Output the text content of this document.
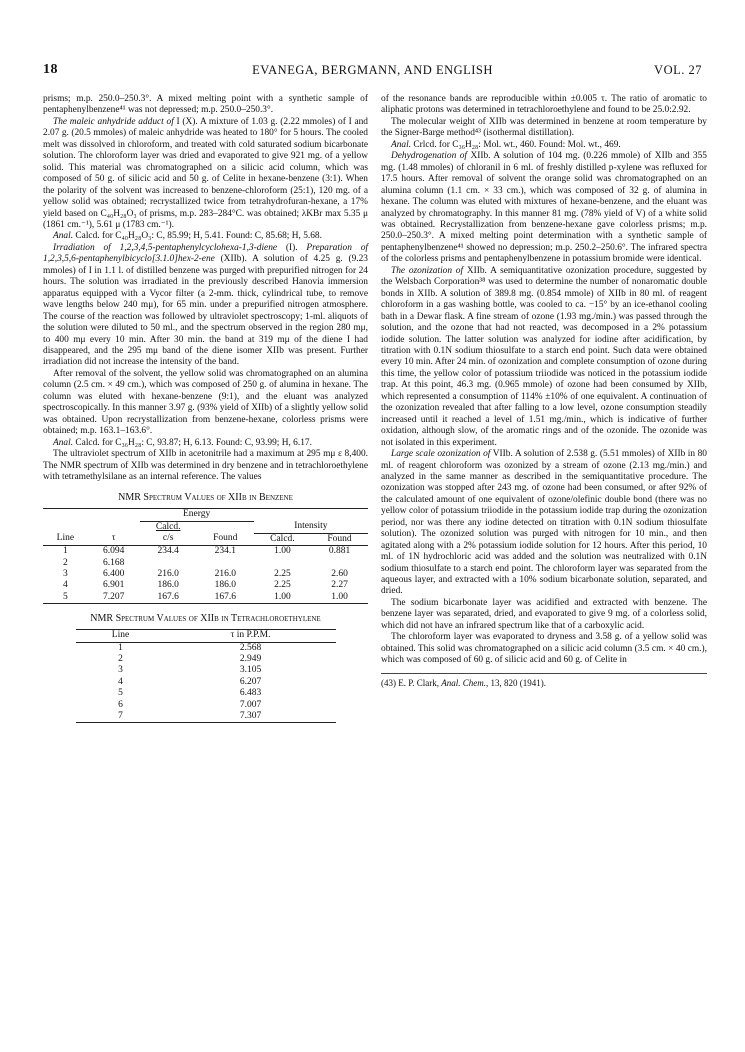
18	EVANEGA, BERGMANN, AND ENGLISH	VOL. 27

prisms; m.p. 250.0–250.3°. A mixed melting point with a synthetic sample of pentaphenylbenzene⁴¹ was not depressed; m.p. 250.0–250.3°.

The maleic anhydride adduct of I (X). A mixture of 1.03 g. (2.22 mmoles) of I and 2.07 g. (20.5 mmoles) of maleic anhydride was heated to 180° for 5 hours. The cooled melt was dissolved in chloroform, and treated with cold saturated sodium bicarbonate solution. The chloroform layer was dried and evaporated to give 921 mg. of a yellow solid. This material was chromatographed on a silicic acid column, which was composed of 50 g. of silicic acid and 50 g. of Celite in hexane-benzene (3:1). When the polarity of the solvent was increased to benzene-chloroform (25:1), 120 mg. of a yellow solid was obtained; recrystallized twice from tetrahydrofuran-hexane, a 17% yield based on C₄₀H₂₈O₃ of prisms, m.p. 283–284°C. was obtained; λKBr max 5.35 μ (1861 cm.⁻¹), 5.61 μ (1783 cm.⁻¹).

Anal. Calcd. for C₄₀H₂₈O₃: C, 85.99; H, 5.41. Found: C, 85.68; H, 5.68.

Irradiation of 1,2,3,4,5-pentaphenylcyclohexa-1,3-diene (I). Preparation of 1,2,3,5,6-pentaphenylbicyclo[3.1.0]hex-2-ene (XIIb). A solution of 4.25 g. (9.23 mmoles) of I in 1.1 l. of distilled benzene was purged with prepurified nitrogen for 24 hours. The solution was irradiated in the previously described Hanovia immersion apparatus equipped with a Vycor filter (a 2-mm. thick, cylindrical tube, to remove wave lengths below 240 mμ), for 65 min. under a prepurified nitrogen atmosphere. The course of the reaction was followed by ultraviolet spectroscopy; 1-ml. aliquots of the solution were diluted to 50 ml., and the spectrum observed in the region 280 mμ, to 400 mμ every 10 min. After 30 min. the band at 319 mμ of the diene I had disappeared, and the 295 mμ band of the diene isomer XIIb was present. Further irradiation did not increase the intensity of the band.

After removal of the solvent, the yellow solid was chromatographed on an alumina column (2.5 cm. × 49 cm.), which was composed of 250 g. of alumina in hexane. The column was eluted with hexane-benzene (9:1), and the eluant was analyzed spectroscopically. In this manner 3.97 g. (93% yield of XIIb) of a slightly yellow solid was obtained. Upon recrystallization from benzene-hexane, colorless prisms were obtained; m.p. 163.1–163.6°.

Anal. Calcd. for C₃₆H₂₈: C, 93.87; H, 6.13. Found: C, 93.99; H, 6.17.

The ultraviolet spectrum of XIIb in acetonitrile had a maximum at 295 mμ ε 8,400. The NMR spectrum of XIIb was determined in dry benzene and in tetrachloroethylene with tetramethylsilane as an internal reference. The values

NMR Spectrum Values of XIIb in Benzene
		Energy			
		Calcd.		Intensity	
Line	τ	c/s	Found	Calcd.	Found
1	6.094	234.4	234.1	1.00	0.881
2	6.168				
3	6.400	216.0	216.0	2.25	2.60
4	6.901	186.0	186.0	2.25	2.27
5	7.207	167.6	167.6	1.00	1.00
NMR Spectrum Values of XIIb in Tetrachloroethylene
Line	τ in P.P.M.
1	2.568
2	2.949
3	3.105
4	6.207
5	6.483
6	7.007
7	7.307

of the resonance bands are reproducible within ±0.005 τ. The ratio of aromatic to aliphatic protons was determined in tetrachloroethylene and found to be 25.0:2.92.

The molecular weight of XIIb was determined in benzene at room temperature by the Signer-Barge method⁴³ (isothermal distillation).

Anal. Crlcd. for C₃₆H₂₈: Mol. wt., 460. Found: Mol. wt., 469.

Dehydrogenation of XIIb. A solution of 104 mg. (0.226 mmole) of XIIb and 355 mg. (1.48 mmoles) of chloranil in 6 ml. of freshly distilled p-xylene was refluxed for 17.5 hours. After removal of solvent the orange solid was chromatographed on an alumina column (1.1 cm. × 33 cm.), which was composed of 32 g. of alumina in hexane. The column was eluted with mixtures of hexane-benzene, and the eluant was analyzed by chromatography. In this manner 81 mg. (78% yield of V) of a white solid was obtained. Recrystallization from benzene-hexane gave colorless prisms; m.p. 250.0–250.3°. A mixed melting point determination with a synthetic sample of pentaphenylbenzene⁴¹ showed no depression; m.p. 250.2–250.6°. The infrared spectra of the colorless prisms and pentaphenylbenzene in potassium bromide were identical.

The ozonization of XIIb. A semiquantitative ozonization procedure, suggested by the Welsbach Corporation³⁸ was used to determine the number of nonaromatic double bonds in XIIb. A solution of 389.8 mg. (0.854 mmole) of XIIb in 80 ml. of reagent chloroform in a gas washing bottle, was cooled to ca. −15° by an ice-ethanol cooling bath in a Dewar flask. A fine stream of ozone (1.93 mg./min.) was passed through the solution, and the ozone that had not reacted, was decomposed in a 2% potassium iodide solution. The latter solution was analyzed for iodine after acidification, by titration with 0.1N sodium thiosulfate to a starch end point. Such data were obtained every 10 min. After 24 min. of ozonization and complete consumption of ozone during this time, the yellow color of potassium triiodide was noticed in the potassium iodide trap. At this point, 46.3 mg. (0.965 mmole) of ozone had been consumed by XIIb, which represented a consumption of 114% ±10% of one equivalent. A continuation of the ozonization revealed that after falling to a low level, ozone consumption steadily increased until it reached a level of 1.51 mg./min., which is indicative of further oxidation, although slow, of the aromatic rings and of the ozonide. The ozonide was not isolated in this experiment.

Large scale ozonization of VIIb. A solution of 2.538 g. (5.51 mmoles) of XIIb in 80 ml. of reagent chloroform was ozonized by a stream of ozone (2.13 mg./min.) and analyzed in the same manner as described in the semiquantitative procedure. The ozonization was stopped after 243 mg. of ozone had been consumed, or after 92% of the calculated amount of one equivalent of ozone/olefinic double bond (there was no yellow color of potassium triiodide in the potassium iodide trap during the ozonization period, nor was there any iodine detected on titration with 0.1N sodium thiosulfate solution). The ozonized solution was purged with nitrogen for 10 min., and then agitated along with a 2% potassium iodide solution for 12 hours. After this period, 10 ml. of 1N hydrochloric acid was added and the solution was neutralized with 0.1N sodium thiosulfate to a starch end point. The chloroform layer was separated from the aqueous layer, and extracted with a 10% sodium bicarbonate solution, separated, and dried.

The sodium bicarbonate layer was acidified and extracted with benzene. The benzene layer was separated, dried, and evaporated to give 9 mg. of a colorless solid, which did not have an infrared spectrum like that of a carboxylic acid.

The chloroform layer was evaporated to dryness and 3.58 g. of a yellow solid was obtained. This solid was chromatographed on a silicic acid column (3.5 cm. × 40 cm.), which was composed of 60 g. of silicic acid and 60 g. of Celite in

(43) E. P. Clark, Anal. Chem., 13, 820 (1941).
